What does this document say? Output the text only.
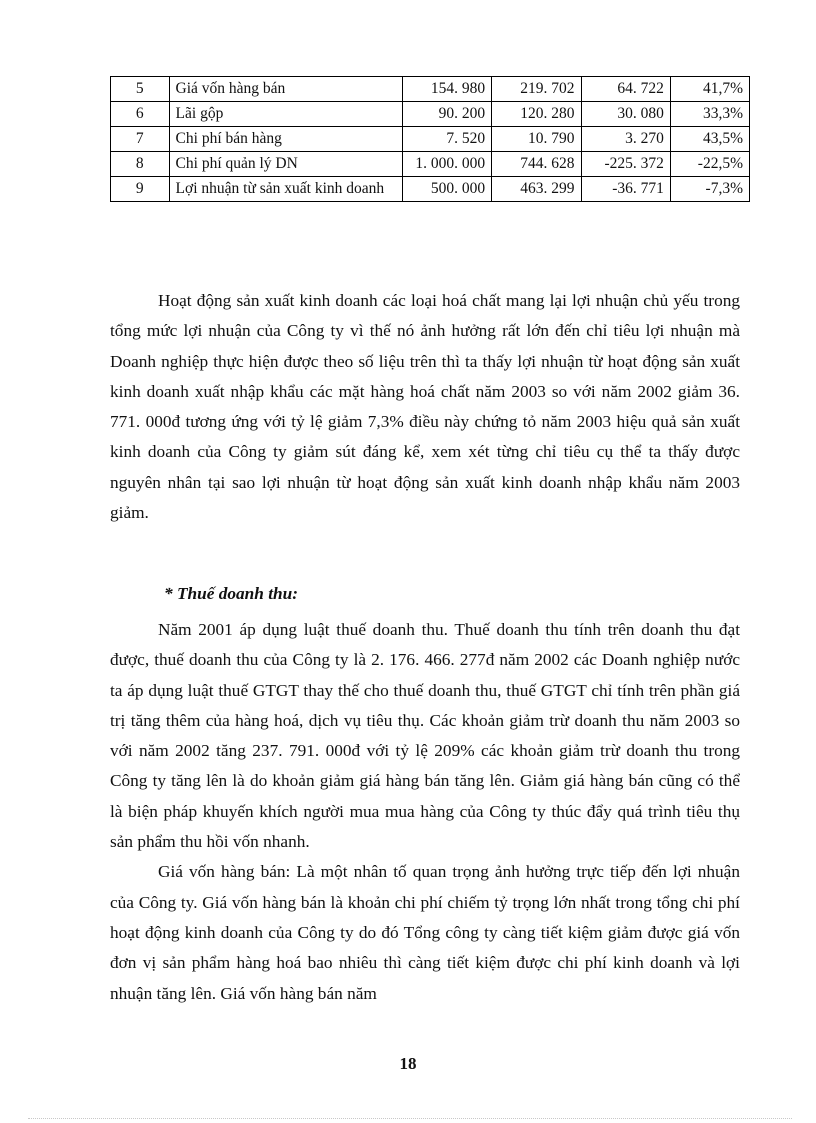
5	Giá vốn hàng bán	154. 980	219. 702	64. 722	41,7%
6	Lãi gộp	90. 200	120. 280	30. 080	33,3%
7	Chi phí bán hàng	7. 520	10. 790	3. 270	43,5%
8	Chi phí quản lý DN	1. 000. 000	744. 628	-225. 372	-22,5%
9	Lợi nhuận từ sản xuất kinh doanh	500. 000	463. 299	-36. 771	-7,3%

Hoạt động sản xuất kinh doanh các loại hoá chất mang lại lợi nhuận chủ yếu trong tổng mức lợi nhuận của Công ty vì thế nó ảnh hưởng rất lớn đến chỉ tiêu lợi nhuận mà Doanh nghiệp thực hiện được theo số liệu trên thì ta thấy lợi nhuận từ hoạt động sản xuất kinh doanh xuất nhập khẩu các mặt hàng hoá chất năm 2003 so với năm 2002 giảm 36. 771. 000đ tương ứng với tỷ lệ giảm 7,3% điều này chứng tỏ năm 2003 hiệu quả sản xuất kinh doanh của Công ty giảm sút đáng kể, xem xét từng chỉ tiêu cụ thể ta thấy được nguyên nhân tại sao lợi nhuận từ hoạt động sản xuất kinh doanh nhập khẩu năm 2003 giảm.

* Thuế doanh thu:

Năm 2001 áp dụng luật thuế doanh thu. Thuế doanh thu tính trên doanh thu đạt được, thuế doanh thu của Công ty là 2. 176. 466. 277đ năm 2002 các Doanh nghiệp nước ta áp dụng luật thuế GTGT thay thế cho thuế doanh thu, thuế GTGT chỉ tính trên phần giá trị tăng thêm của hàng hoá, dịch vụ tiêu thụ. Các khoản giảm trừ doanh thu năm 2003 so với năm 2002 tăng 237. 791. 000đ với tỷ lệ 209% các khoản giảm trừ doanh thu trong Công ty tăng lên là do khoản giảm giá hàng bán tăng lên. Giảm giá hàng bán cũng có thể là biện pháp khuyến khích người mua mua hàng của Công ty thúc đẩy quá trình tiêu thụ sản phẩm thu hồi vốn nhanh.

Giá vốn hàng bán: Là một nhân tố quan trọng ảnh hưởng trực tiếp đến lợi nhuận của Công ty. Giá vốn hàng bán là khoản chi phí chiếm tỷ trọng lớn nhất trong tổng chi phí hoạt động kinh doanh của Công ty do đó Tổng công ty càng tiết kiệm giảm được giá vốn đơn vị sản phẩm hàng hoá bao nhiêu thì càng tiết kiệm được chi phí kinh doanh và lợi nhuận tăng lên. Giá vốn hàng bán năm

18
